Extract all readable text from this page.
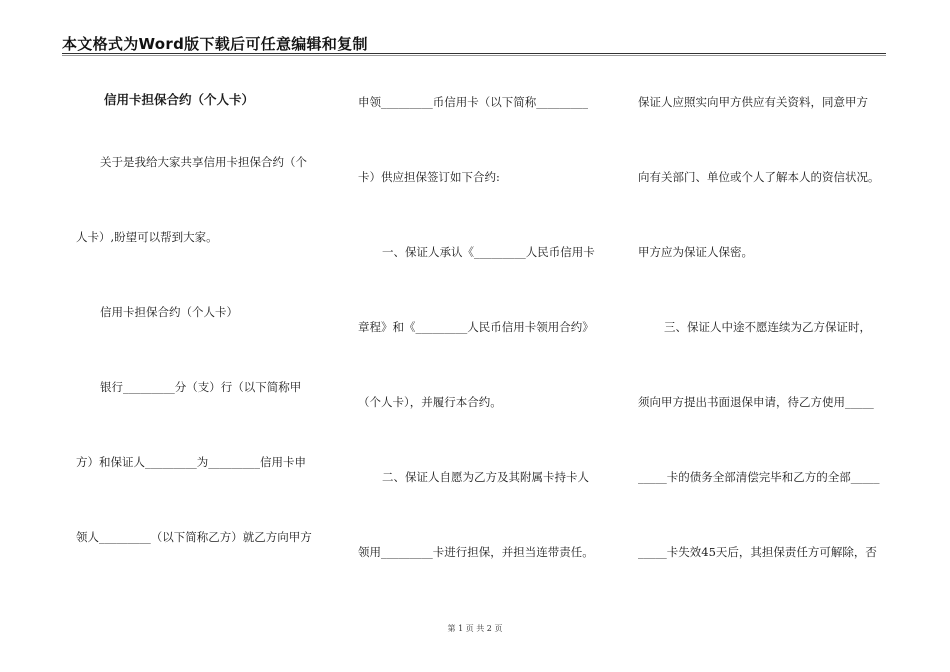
本文格式为Word版下载后可任意编辑和复制
信用卡担保合约（个人卡）
关于是我给大家共享信用卡担保合约（个
人卡）,盼望可以帮到大家。
信用卡担保合约（个人卡）
银行_________分（支）行（以下简称甲
方）和保证人_________为_________信用卡申
领人_________（以下简称乙方）就乙方向甲方
申领_________币信用卡（以下简称_________
卡）供应担保签订如下合约:
一、保证人承认《_________人民币信用卡
章程》和《_________人民币信用卡领用合约》
（个人卡），并履行本合约。
二、保证人自愿为乙方及其附属卡持卡人
领用_________卡进行担保，并担当连带责任。
保证人应照实向甲方供应有关资料，同意甲方
向有关部门、单位或个人了解本人的资信状况。
甲方应为保证人保密。
三、保证人中途不愿连续为乙方保证时，
须向甲方提出书面退保申请，待乙方使用_____
_____卡的债务全部清偿完毕和乙方的全部_____
_____卡失效45天后，其担保责任方可解除，否
第 1 页 共 2 页
